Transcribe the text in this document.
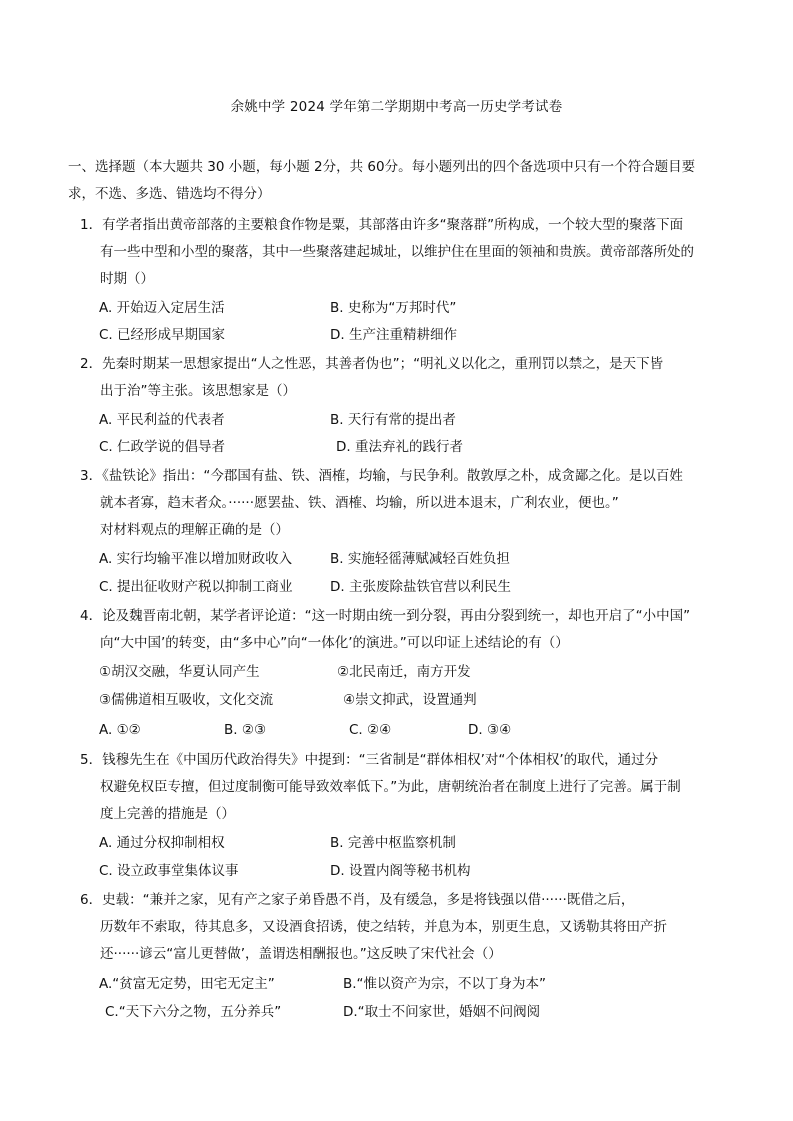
余姚中学 2024 学年第二学期期中考高一历史学考试卷
一、选择题（本大题共 30 小题，每小题 2分，共 60分。每小题列出的四个备选项中只有一个符合题目要
求，不选、多选、错选均不得分）
1．有学者指出黄帝部落的主要粮食作物是粟，其部落由许多“聚落群”所构成，一个较大型的聚落下面
有一些中型和小型的聚落，其中一些聚落建起城址，以维护住在里面的领袖和贵族。黄帝部落所处的
时期（）
A. 开始迈入定居生活	B. 史称为“万邦时代”
C. 已经形成早期国家	D. 生产注重精耕细作
2．先秦时期某一思想家提出“人之性恶，其善者伪也”；“明礼义以化之，重刑罚以禁之，是天下皆
出于治”等主张。该思想家是（）
A. 平民利益的代表者	B. 天行有常的提出者
C. 仁政学说的倡导者	D. 重法弃礼的践行者
3．《盐铁论》指出：“今郡国有盐、铁、酒榷，均输，与民争利。散敦厚之朴，成贪鄙之化。是以百姓
就本者寡，趋末者众。······愿罢盐、铁、酒榷、均输，所以进本退末，广利农业，便也。”
对材料观点的理解正确的是（）
A. 实行均输平准以增加财政收入	B. 实施轻徭薄赋减轻百姓负担
C. 提出征收财产税以抑制工商业	D. 主张废除盐铁官营以利民生
4．论及魏晋南北朝，某学者评论道：“这一时期由统一到分裂，再由分裂到统一，却也开启了“小中国”
向“大中国’的转变，由“多中心”向“一体化’的演进。”可以印证上述结论的有（）
①胡汉交融，华夏认同产生	②北民南迁，南方开发
③儒佛道相互吸收，文化交流	④崇文抑武，设置通判
A. ①②	B. ②③	C. ②④	D. ③④
5．钱穆先生在《中国历代政治得失》中提到：“三省制是“群体相权’对“个体相权’的取代，通过分
权避免权臣专擅，但过度制衡可能导致效率低下。”为此，唐朝统治者在制度上进行了完善。属于制
度上完善的措施是（）
A. 通过分权抑制相权	B. 完善中枢监察机制
C. 设立政事堂集体议事	D. 设置内阁等秘书机构
6．史载：“兼并之家，见有产之家子弟昏愚不肖，及有缓急，多是将钱强以借······既借之后，
历数年不索取，待其息多，又设酒食招诱，使之结转，并息为本，别更生息，又诱勒其将田产折
还······谚云“富儿更替做’，盖谓迭相酬报也。”这反映了宋代社会（）
A.“贫富无定势，田宅无定主”	B.“惟以资产为宗，不以丁身为本”
C.“天下六分之物，五分养兵”	D.“取士不问家世，婚姻不问阀阅
